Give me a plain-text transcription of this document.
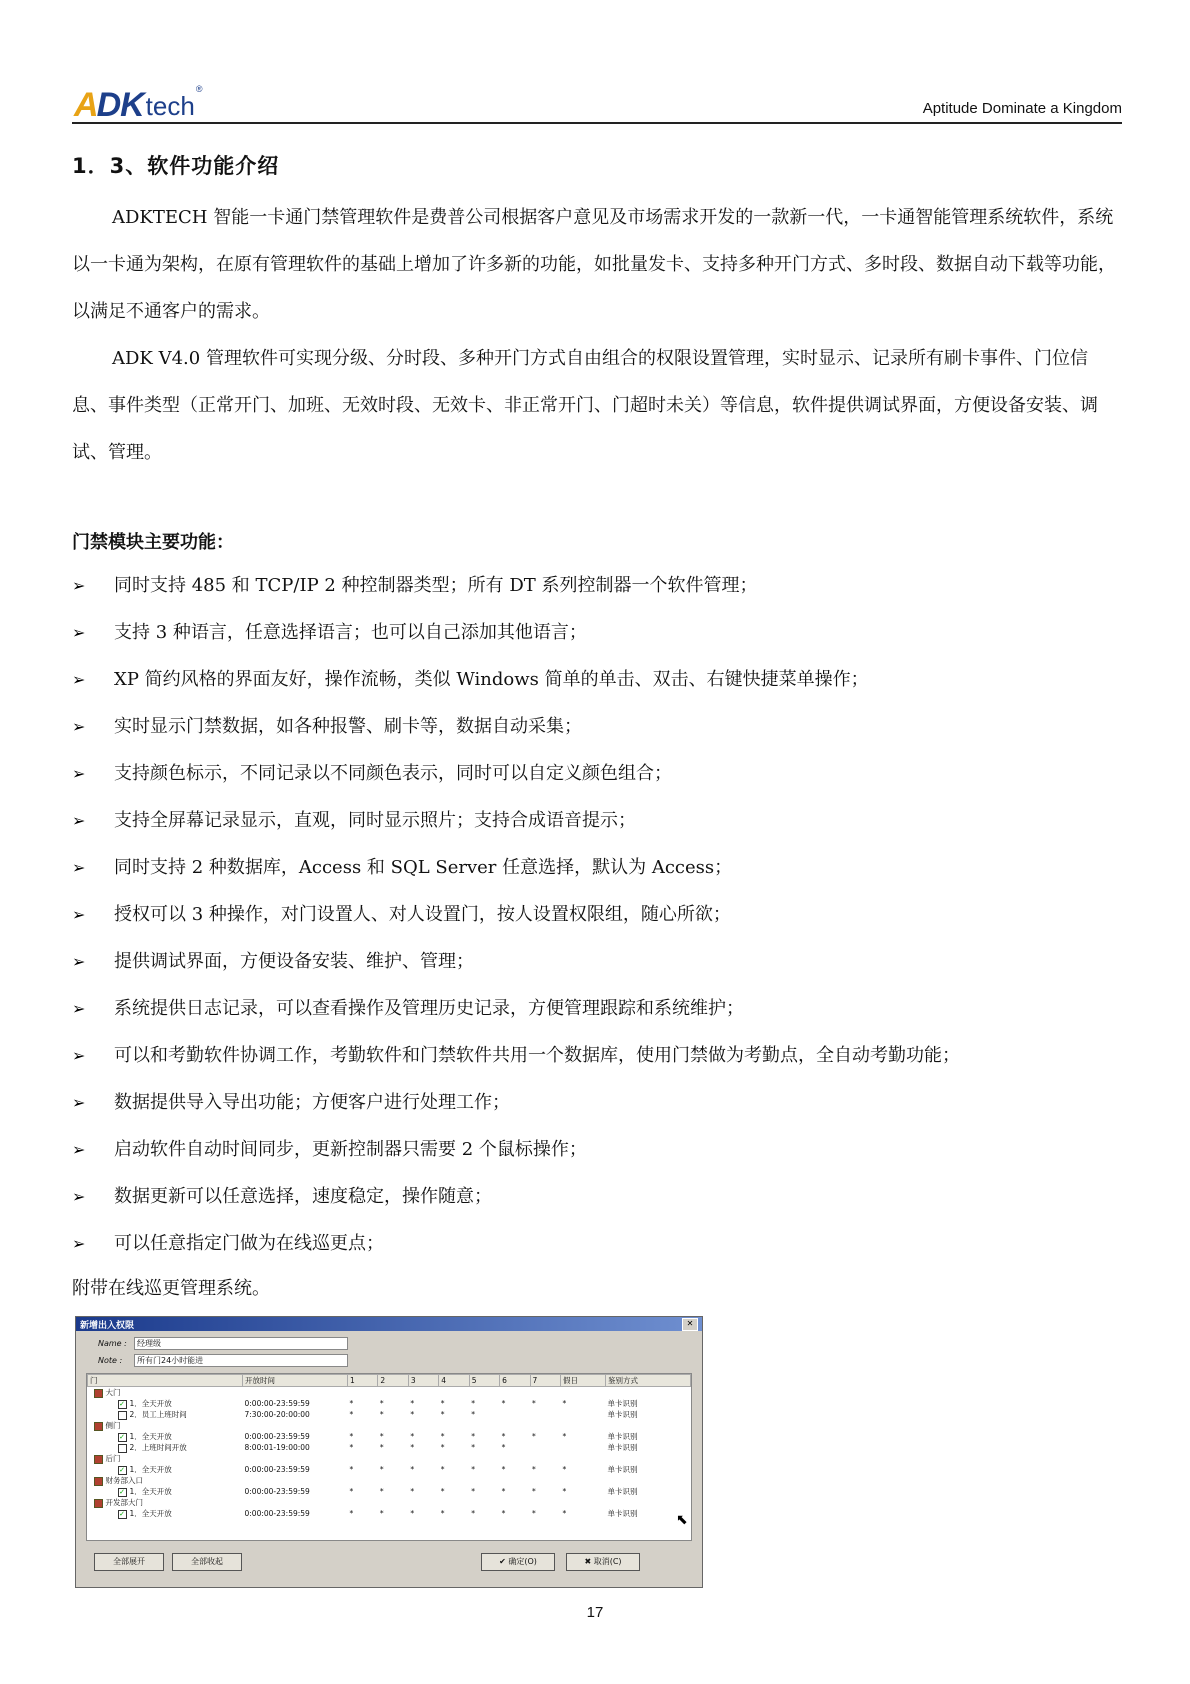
A DK tech
®
Aptitude Dominate a Kingdom
1．3、软件功能介绍

ADKTECH 智能一卡通门禁管理软件是费普公司根据客户意见及市场需求开发的一款新一代，一卡通智能管理系统软件，系统以一卡通为架构，在原有管理软件的基础上增加了许多新的功能，如批量发卡、支持多种开门方式、多时段、数据自动下载等功能，以满足不通客户的需求。

ADK V4.0 管理软件可实现分级、分时段、多种开门方式自由组合的权限设置管理，实时显示、记录所有刷卡事件、门位信息、事件类型（正常开门、加班、无效时段、无效卡、非正常开门、门超时未关）等信息，软件提供调试界面，方便设备安装、调试、管理。

门禁模块主要功能：
➢	同时支持 485 和 TCP/IP 2 种控制器类型；所有 DT 系列控制器一个软件管理；
➢	支持 3 种语言，任意选择语言；也可以自己添加其他语言；
➢	XP 简约风格的界面友好，操作流畅，类似 Windows 简单的单击、双击、右键快捷菜单操作；
➢	实时显示门禁数据，如各种报警、刷卡等，数据自动采集；
➢	支持颜色标示，不同记录以不同颜色表示，同时可以自定义颜色组合；
➢	支持全屏幕记录显示，直观，同时显示照片；支持合成语音提示；
➢	同时支持 2 种数据库，Access 和 SQL Server 任意选择，默认为 Access；
➢	授权可以 3 种操作，对门设置人、对人设置门，按人设置权限组，随心所欲；
➢	提供调试界面，方便设备安装、维护、管理；
➢	系统提供日志记录，可以查看操作及管理历史记录，方便管理跟踪和系统维护；
➢	可以和考勤软件协调工作，考勤软件和门禁软件共用一个数据库，使用门禁做为考勤点，全自动考勤功能；
➢	数据提供导入导出功能；方便客户进行处理工作；
➢	启动软件自动时间同步，更新控制器只需要 2 个鼠标操作；
➢	数据更新可以任意选择，速度稳定，操作随意；
➢	可以任意指定门做为在线巡更点；

附带在线巡更管理系统。

新增出入权限	✕
Name :	经理级
Note :	所有门24小时能进
门	开放时间	1	2	3	4	5	6	7	假日	鉴别方式
大门										
✓ 1．全天开放	0:00:00-23:59:59	*	*	*	*	*	*	*	*	单卡识别
2．员工上班时间	7:30:00-20:00:00	*	*	*	*	*				单卡识别
侧门										
✓ 1．全天开放	0:00:00-23:59:59	*	*	*	*	*	*	*	*	单卡识别
2．上班时间开放	8:00:01-19:00:00	*	*	*	*	*	*			单卡识别
后门										
✓ 1．全天开放	0:00:00-23:59:59	*	*	*	*	*	*	*	*	单卡识别
财务部入口										
✓ 1．全天开放	0:00:00-23:59:59	*	*	*	*	*	*	*	*	单卡识别
开发部大门										
✓ 1．全天开放	0:00:00-23:59:59	*	*	*	*	*	*	*	*	单卡识别	⬉
全部展开	全部收起	✔ 确定(O)	✖ 取消(C)
17
